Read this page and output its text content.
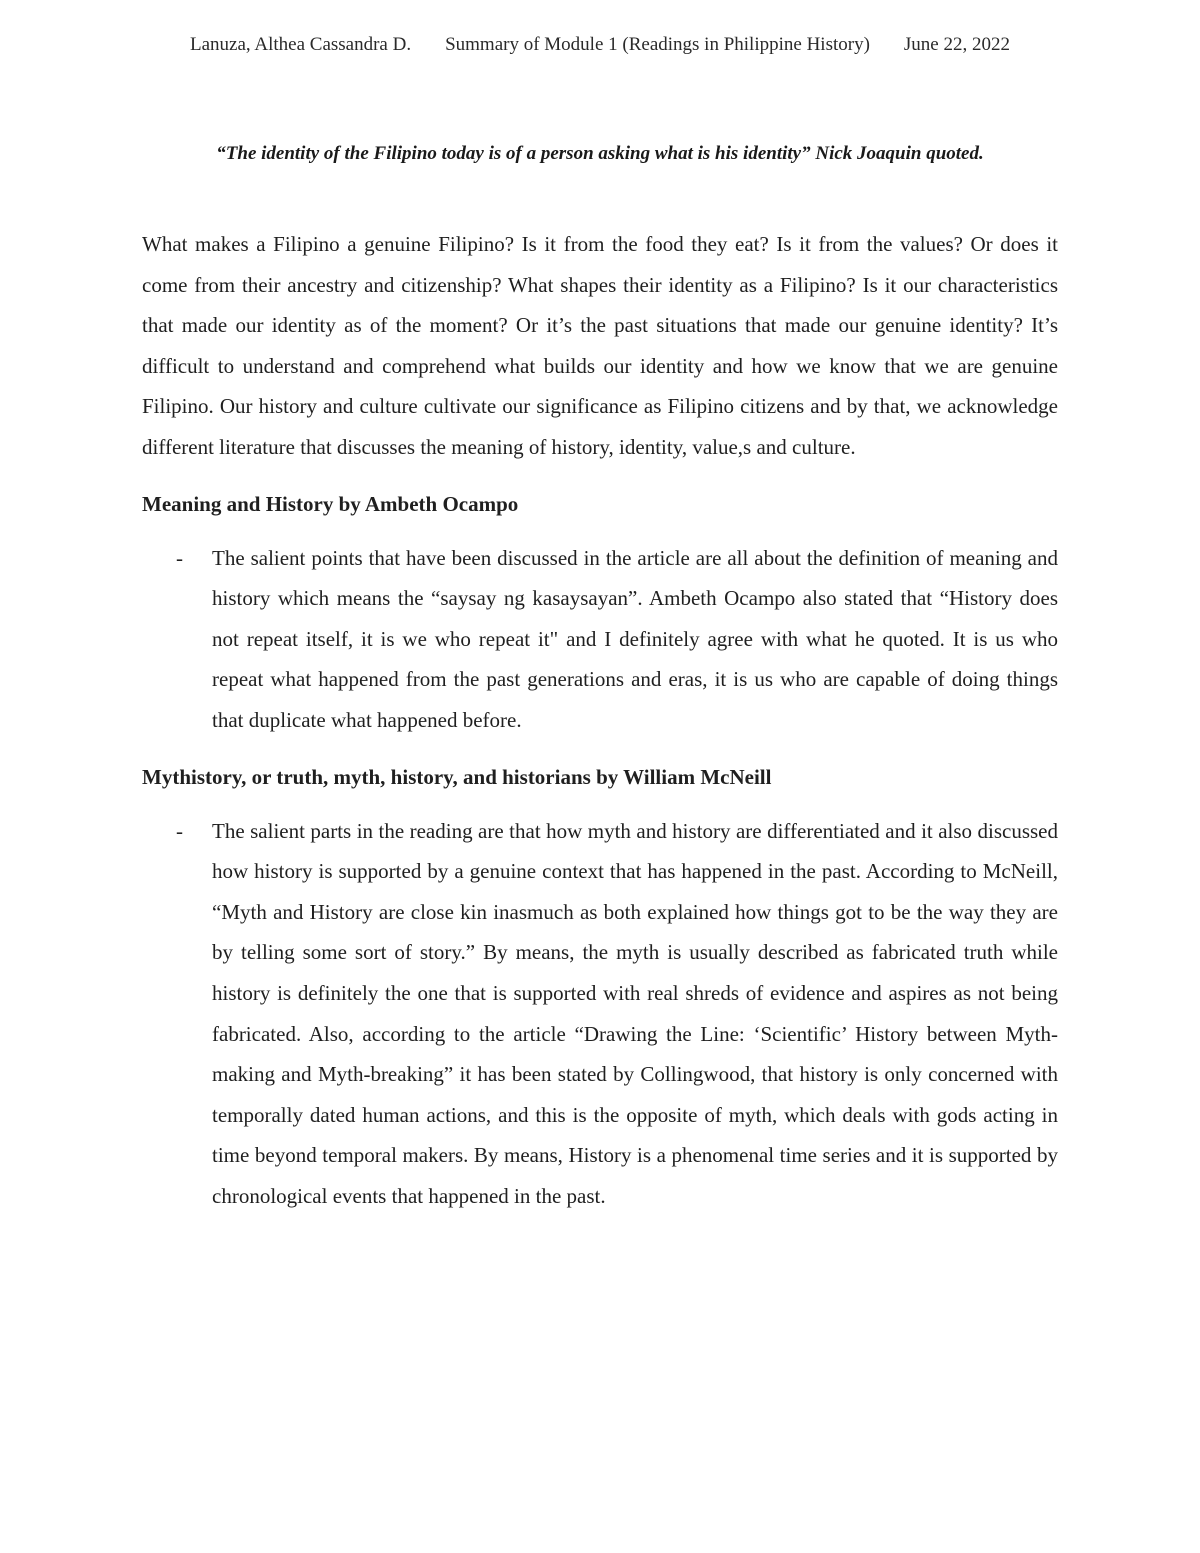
Lanuza, Althea Cassandra D. Summary of Module 1 (Readings in Philippine History) June 22, 2022
“The identity of the Filipino today is of a person asking what is his identity” Nick Joaquin quoted.

What makes a Filipino a genuine Filipino? Is it from the food they eat? Is it from the values? Or does it come from their ancestry and citizenship? What shapes their identity as a Filipino? Is it our characteristics that made our identity as of the moment? Or it’s the past situations that made our genuine identity? It’s difficult to understand and comprehend what builds our identity and how we know that we are genuine Filipino. Our history and culture cultivate our significance as Filipino citizens and by that, we acknowledge different literature that discusses the meaning of history, identity, value,s and culture.

Meaning and History by Ambeth Ocampo
- The salient points that have been discussed in the article are all about the definition of meaning and history which means the “saysay ng kasaysayan”. Ambeth Ocampo also stated that “History does not repeat itself, it is we who repeat it" and I definitely agree with what he quoted. It is us who repeat what happened from the past generations and eras, it is us who are capable of doing things that duplicate what happened before.
Mythistory, or truth, myth, history, and historians by William McNeill
- The salient parts in the reading are that how myth and history are differentiated and it also discussed how history is supported by a genuine context that has happened in the past. According to McNeill, “Myth and History are close kin inasmuch as both explained how things got to be the way they are by telling some sort of story.” By means, the myth is usually described as fabricated truth while history is definitely the one that is supported with real shreds of evidence and aspires as not being fabricated. Also, according to the article “Drawing the Line: ‘Scientific’ History between Myth-making and Myth-breaking” it has been stated by Collingwood, that history is only concerned with temporally dated human actions, and this is the opposite of myth, which deals with gods acting in time beyond temporal makers. By means, History is a phenomenal time series and it is supported by chronological events that happened in the past.
